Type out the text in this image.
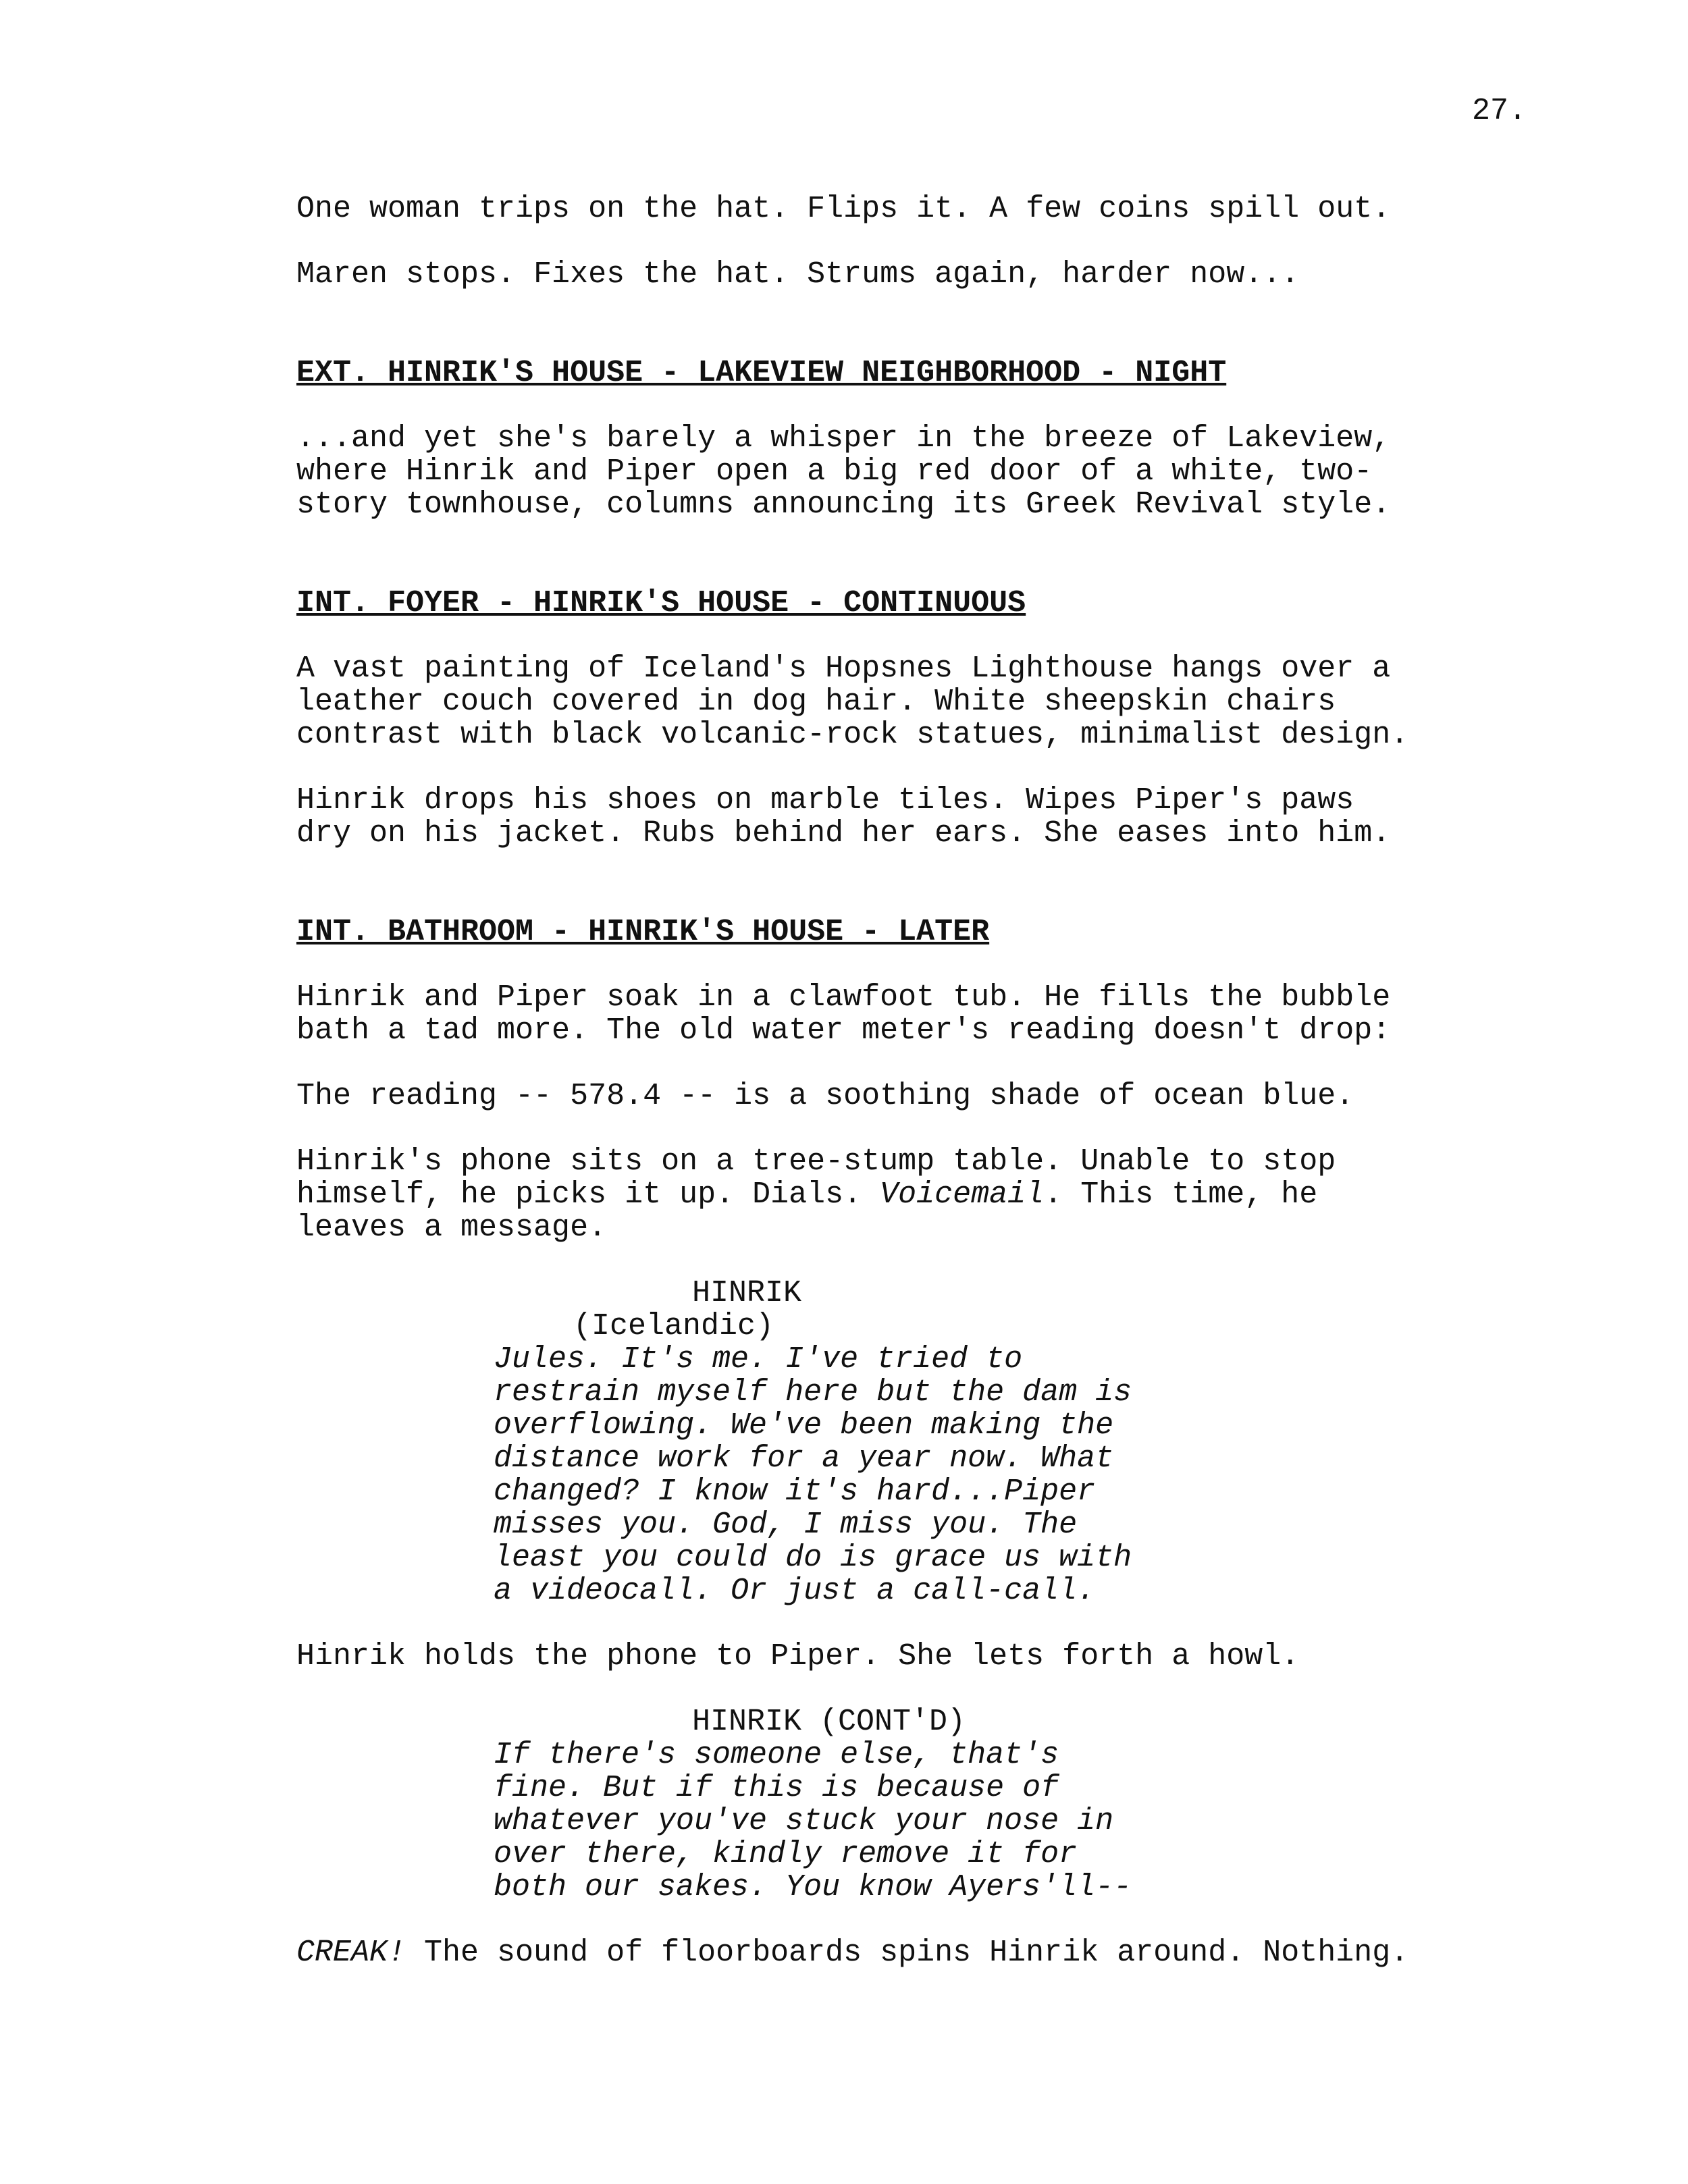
27.
One woman trips on the hat. Flips it. A few coins spill out.
Maren stops. Fixes the hat. Strums again, harder now...
EXT. HINRIK'S HOUSE - LAKEVIEW NEIGHBORHOOD - NIGHT
...and yet she's barely a whisper in the breeze of Lakeview,
where Hinrik and Piper open a big red door of a white, two-
story townhouse, columns announcing its Greek Revival style.
INT. FOYER - HINRIK'S HOUSE - CONTINUOUS
A vast painting of Iceland's Hopsnes Lighthouse hangs over a
leather couch covered in dog hair. White sheepskin chairs
contrast with black volcanic-rock statues, minimalist design.
Hinrik drops his shoes on marble tiles. Wipes Piper's paws
dry on his jacket. Rubs behind her ears. She eases into him.
INT. BATHROOM - HINRIK'S HOUSE - LATER
Hinrik and Piper soak in a clawfoot tub. He fills the bubble
bath a tad more. The old water meter's reading doesn't drop:
The reading -- 578.4 -- is a soothing shade of ocean blue.
Hinrik's phone sits on a tree-stump table. Unable to stop
himself, he picks it up. Dials. Voicemail. This time, he
leaves a message.
HINRIK
(Icelandic)
Jules. It's me. I've tried to
restrain myself here but the dam is
overflowing. We've been making the
distance work for a year now. What
changed? I know it's hard...Piper
misses you. God, I miss you. The
least you could do is grace us with
a videocall. Or just a call-call.
Hinrik holds the phone to Piper. She lets forth a howl.
HINRIK (CONT'D)
If there's someone else, that's
fine. But if this is because of
whatever you've stuck your nose in
over there, kindly remove it for
both our sakes. You know Ayers'll--
CREAK! The sound of floorboards spins Hinrik around. Nothing.
